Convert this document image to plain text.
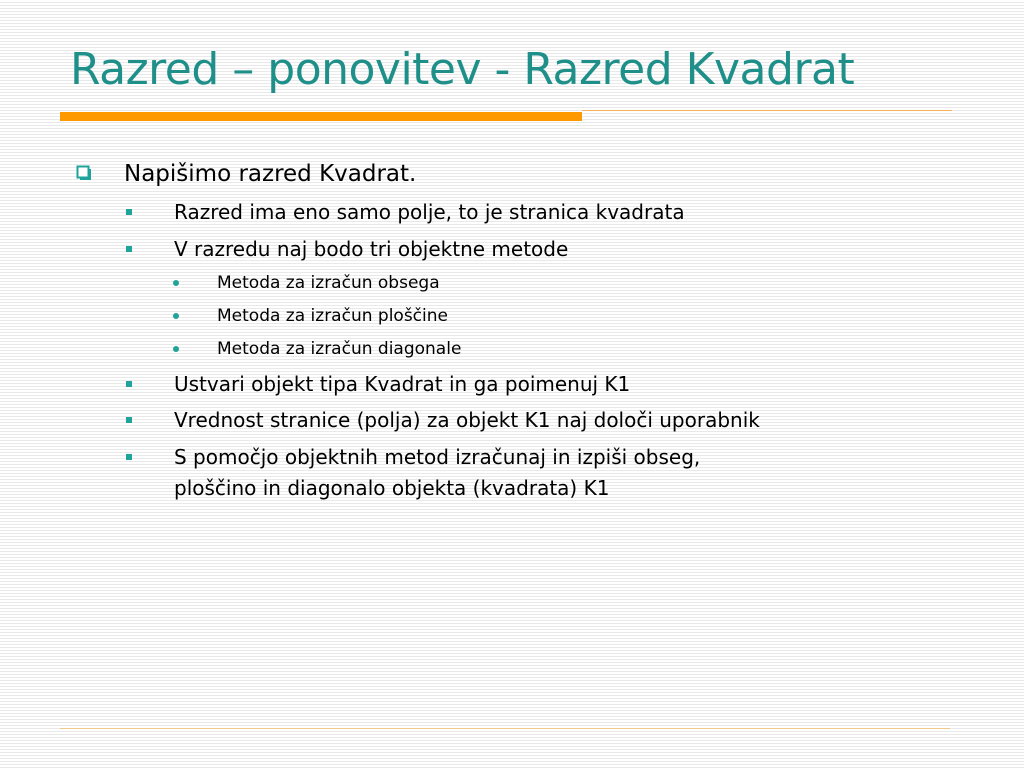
Razred – ponovitev - Razred Kvadrat
Napišimo razred Kvadrat.
Razred ima eno samo polje, to je stranica kvadrata
V razredu naj bodo tri objektne metode
Metoda za izračun obsega
Metoda za izračun ploščine
Metoda za izračun diagonale
Ustvari objekt tipa Kvadrat in ga poimenuj K1
Vrednost stranice (polja) za objekt K1 naj določi uporabnik
S pomočjo objektnih metod izračunaj in izpiši obseg,
ploščino in diagonalo objekta (kvadrata) K1
